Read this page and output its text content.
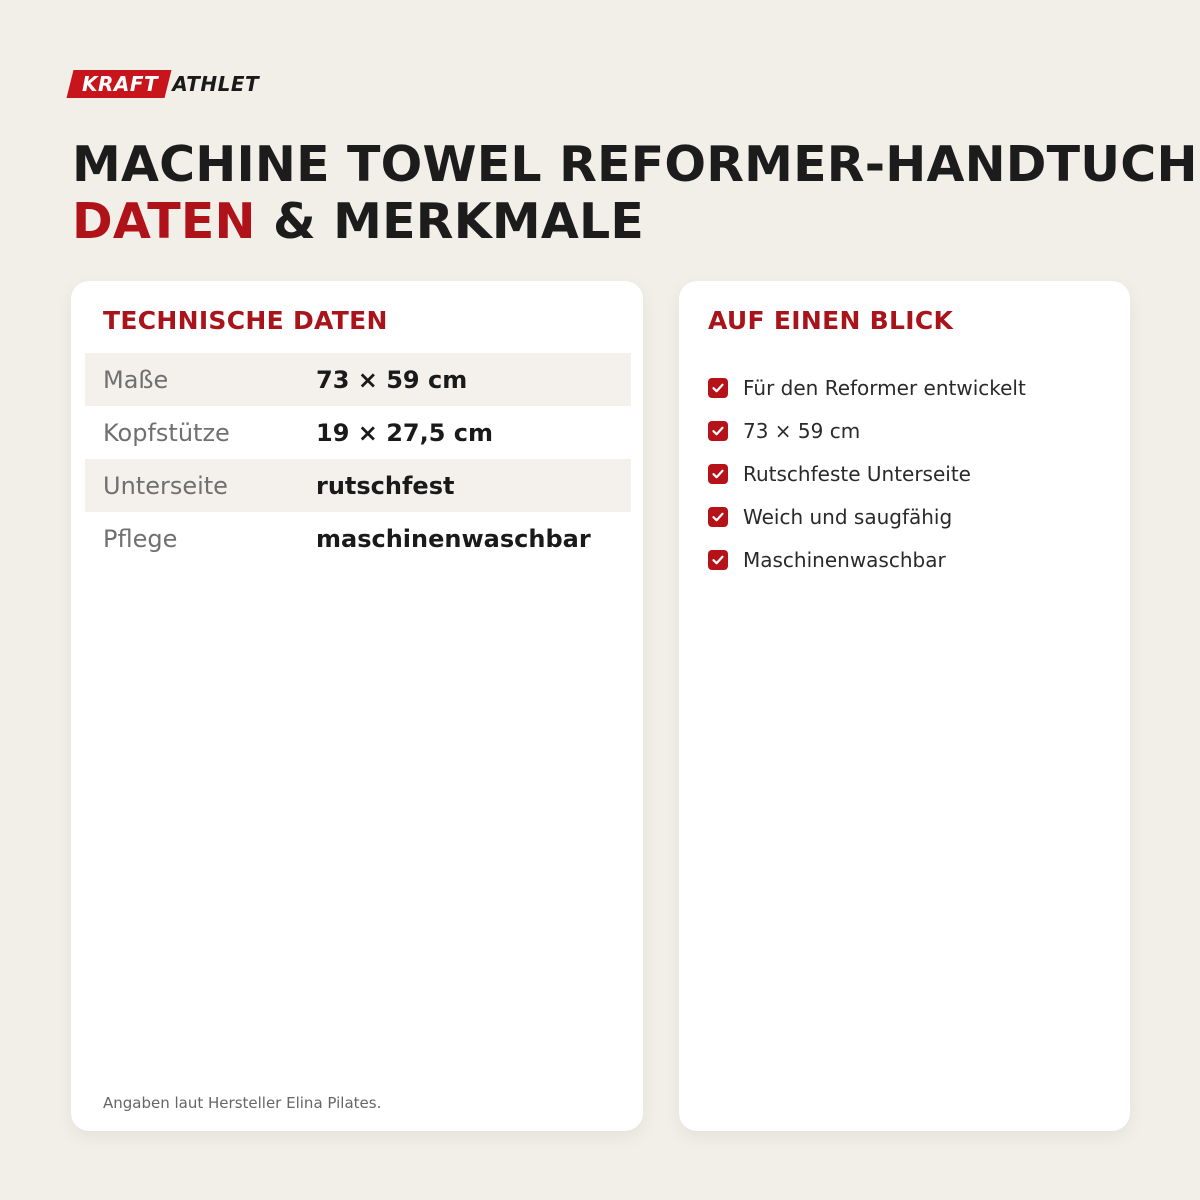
KRAFT ATHLET
MACHINE TOWEL REFORMER-HANDTUCH
DATEN & MERKMALE
TECHNISCHE DATEN
Maße	73 × 59 cm
Kopfstütze	19 × 27,5 cm
Unterseite	rutschfest
Pflege	maschinenwaschbar

Angaben laut Hersteller Elina Pilates.

AUF EINEN BLICK
Für den Reformer entwickelt
73 × 59 cm
Rutschfeste Unterseite
Weich und saugfähig
Maschinenwaschbar
